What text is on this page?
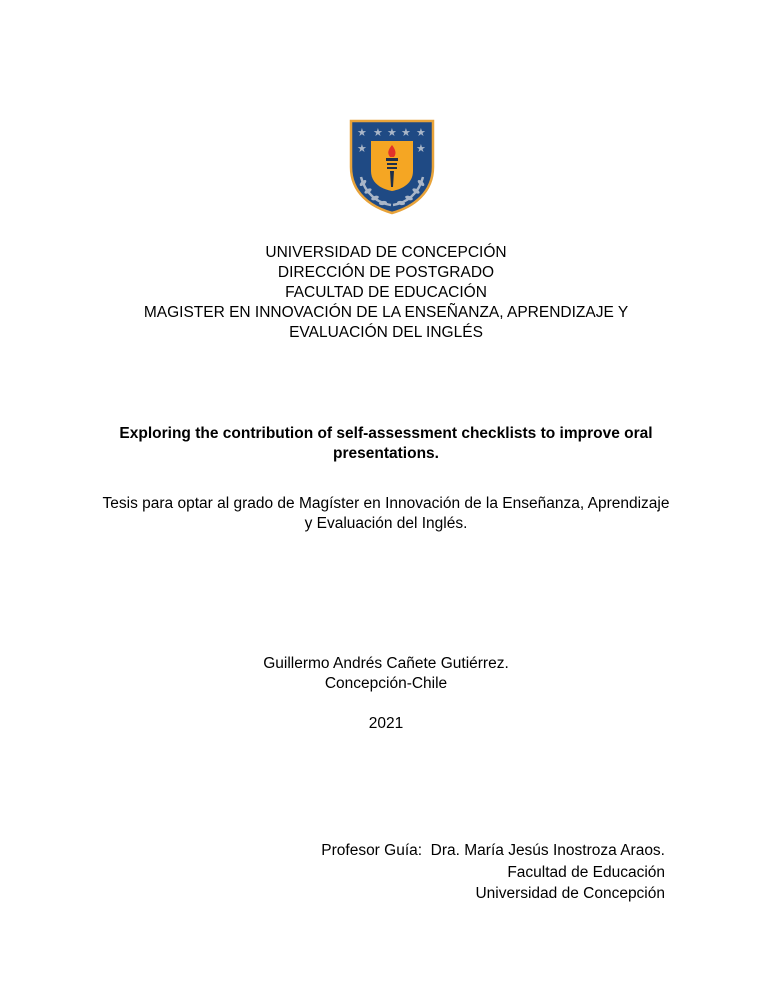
★ ★ ★ ★ ★
★	★
UNIVERSIDAD DE CONCEPCIÓN
DIRECCIÓN DE POSTGRADO
FACULTAD DE EDUCACIÓN
MAGISTER EN INNOVACIÓN DE LA ENSEÑANZA, APRENDIZAJE Y
EVALUACIÓN DEL INGLÉS
Exploring the contribution of self-assessment checklists to improve oral
presentations.
Tesis para optar al grado de Magíster en Innovación de la Enseñanza, Aprendizaje
y Evaluación del Inglés.
Guillermo Andrés Cañete Gutiérrez.
Concepción-Chile
2021
Profesor Guía:  Dra. María Jesús Inostroza Araos.
Facultad de Educación
Universidad de Concepción
